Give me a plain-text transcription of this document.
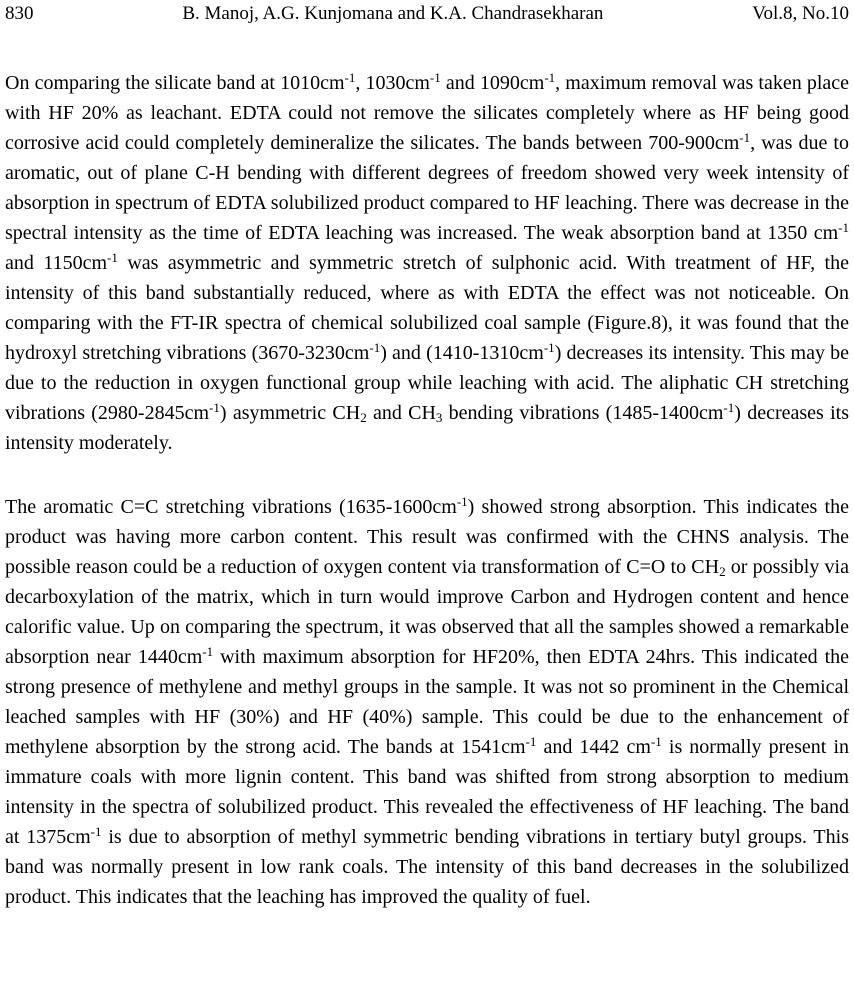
830	B. Manoj, A.G. Kunjomana and K.A. Chandrasekharan	Vol.8, No.10

On comparing the silicate band at $1010cm^{-1}$, $1030cm^{-1}$ and $1090cm^{-1}$, maximum removal was taken place with HF 20% as leachant. EDTA could not remove the silicates completely where as HF being good corrosive acid could completely demineralize the silicates. The bands between $700-900cm^{-1}$, was due to aromatic, out of plane C-H bending with different degrees of freedom showed very week intensity of absorption in spectrum of EDTA solubilized product compared to HF leaching. There was decrease in the spectral intensity as the time of EDTA leaching was increased. The weak absorption band at 1350 $cm^{-1}$ and $1150cm^{-1}$ was asymmetric and symmetric stretch of sulphonic acid. With treatment of HF, the intensity of this band substantially reduced, where as with EDTA the effect was not noticeable. On comparing with the FT-IR spectra of chemical solubilized coal sample (Figure.8), it was found that the hydroxyl stretching vibrations $(3670-3230cm^{-1})$ and $(1410-1310cm^{-1})$ decreases its intensity. This may be due to the reduction in oxygen functional group while leaching with acid. The aliphatic CH stretching vibrations $(2980-2845cm^{-1})$ asymmetric $CH_2$ and $CH_3$ bending vibrations $(1485-1400cm^{-1})$ decreases its intensity moderately.

The aromatic C=C stretching vibrations $(1635-1600cm^{-1})$ showed strong absorption. This indicates the product was having more carbon content. This result was confirmed with the CHNS analysis. The possible reason could be a reduction of oxygen content via transformation of C=O to $CH_2$ or possibly via decarboxylation of the matrix, which in turn would improve Carbon and Hydrogen content and hence calorific value. Up on comparing the spectrum, it was observed that all the samples showed a remarkable absorption near $1440cm^{-1}$ with maximum absorption for HF20%, then EDTA 24hrs. This indicated the strong presence of methylene and methyl groups in the sample. It was not so prominent in the Chemical leached samples with HF (30%) and HF (40%) sample. This could be due to the enhancement of methylene absorption by the strong acid. The bands at $1541cm^{-1}$ and 1442 $cm^{-1}$ is normally present in immature coals with more lignin content. This band was shifted from strong absorption to medium intensity in the spectra of solubilized product. This revealed the effectiveness of HF leaching. The band at $1375cm^{-1}$ is due to absorption of methyl symmetric bending vibrations in tertiary butyl groups. This band was normally present in low rank coals. The intensity of this band decreases in the solubilized product. This indicates that the leaching has improved the quality of fuel.
